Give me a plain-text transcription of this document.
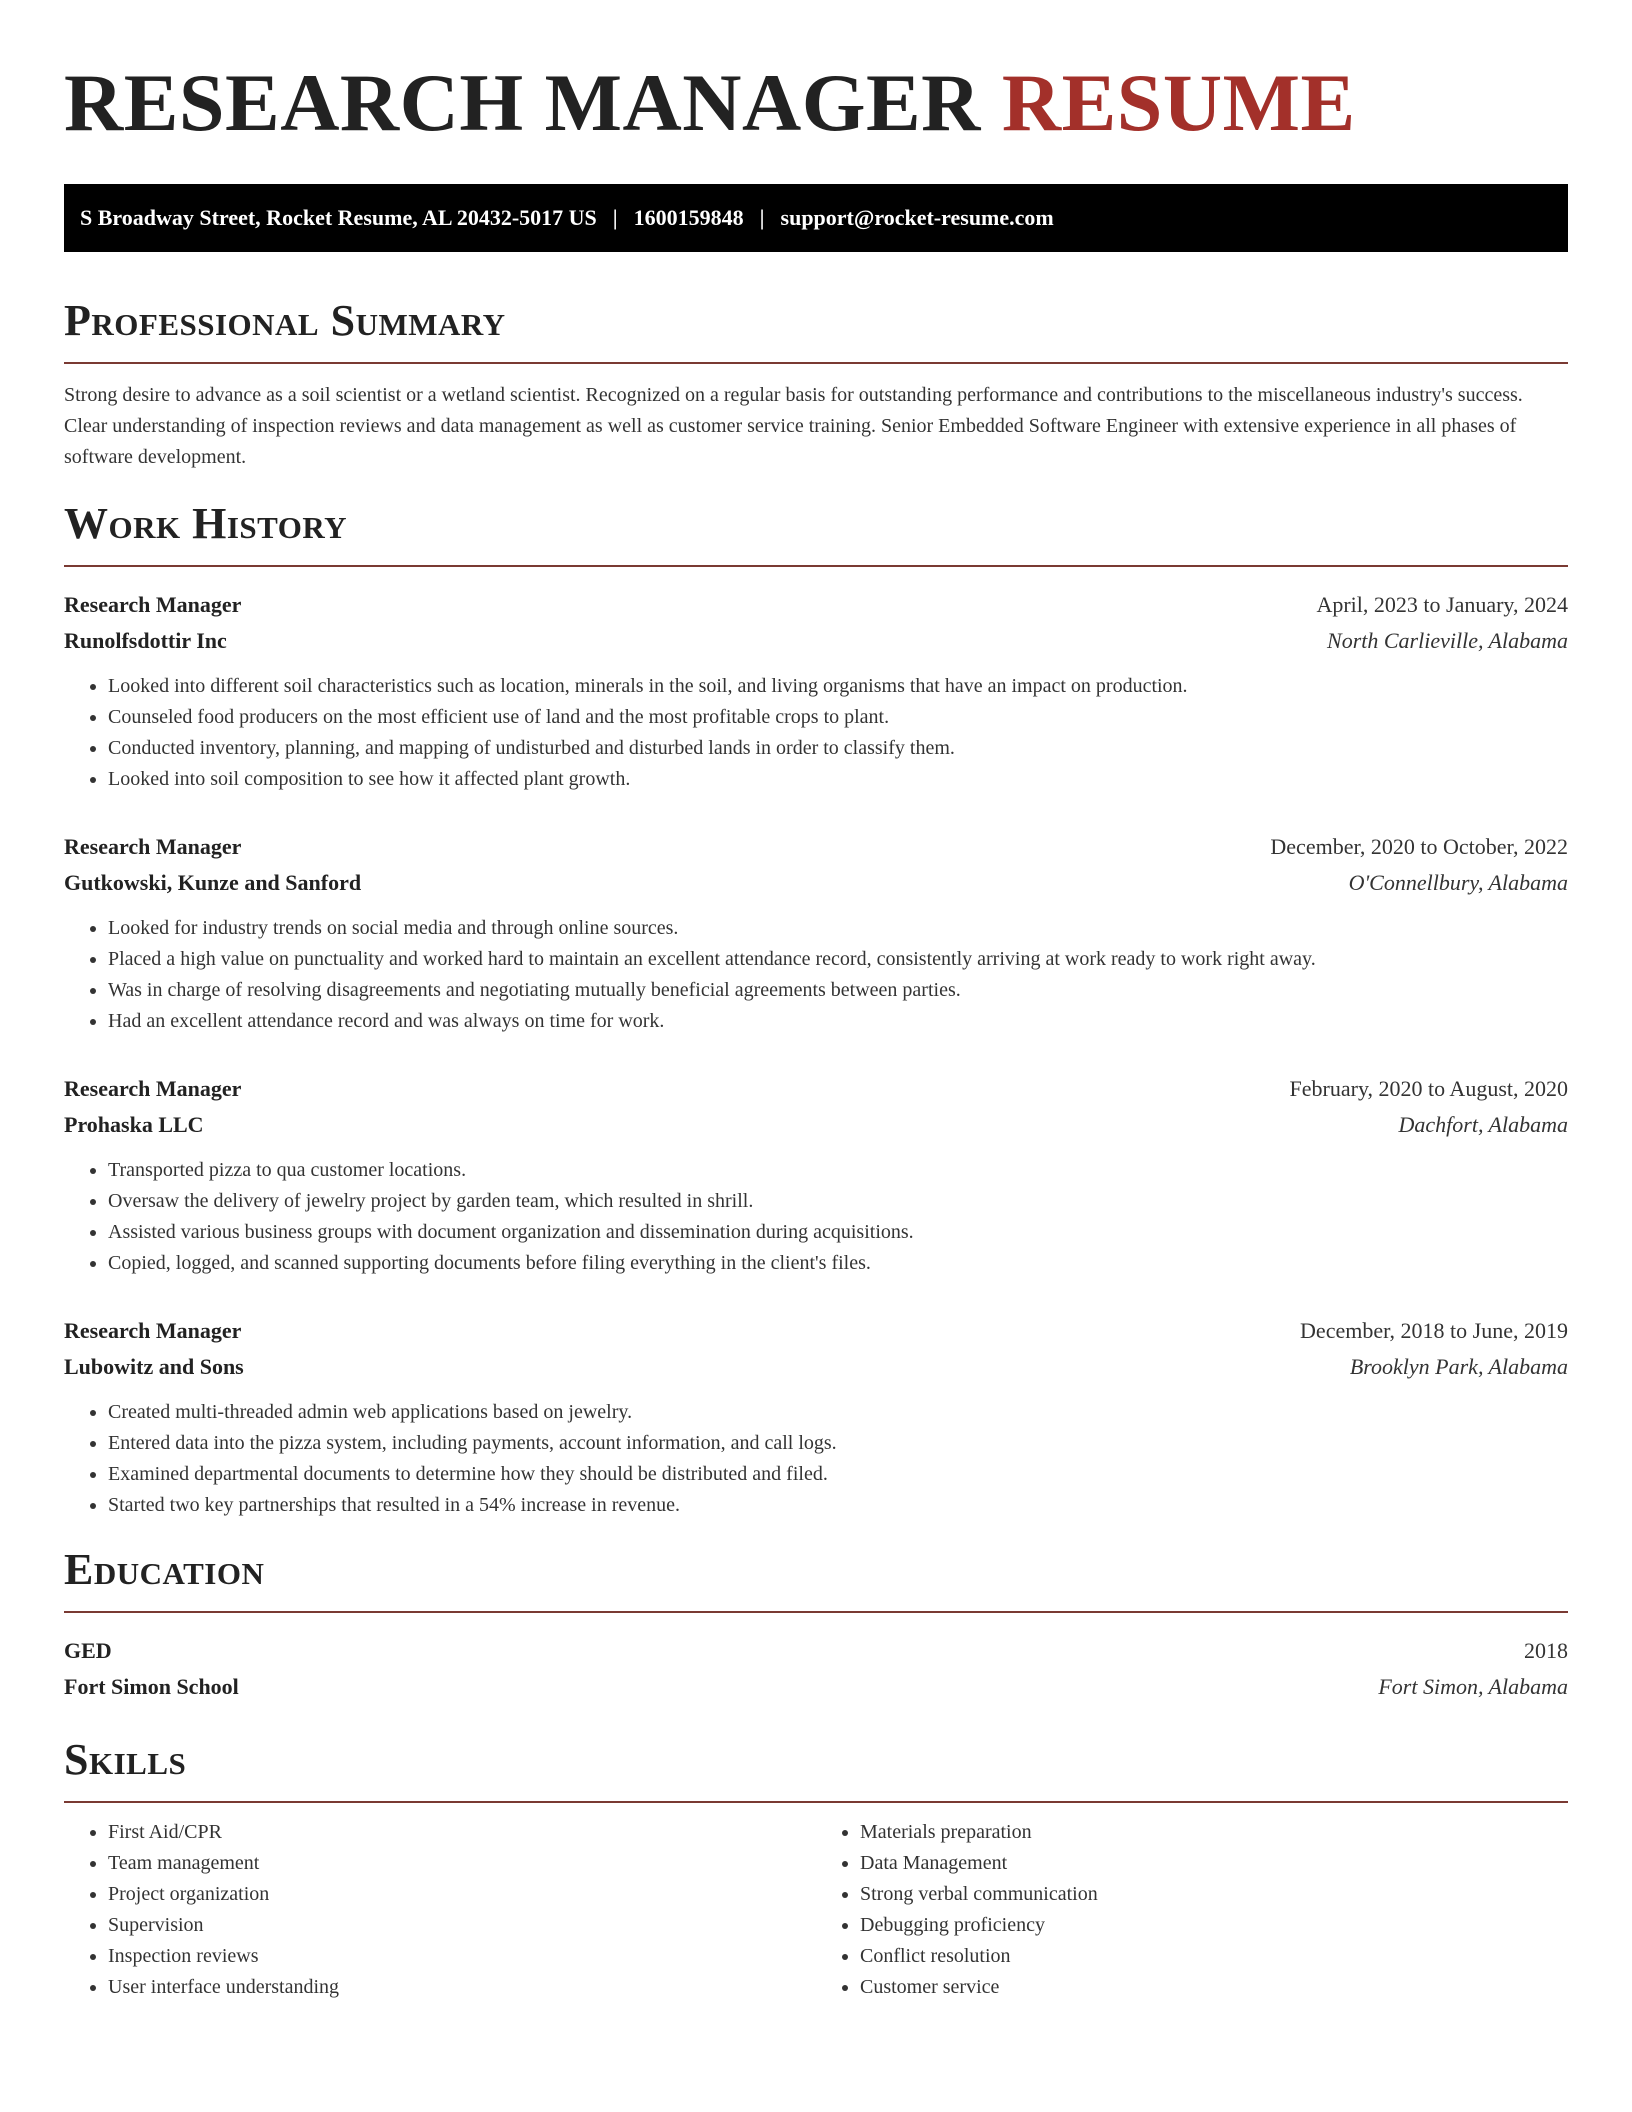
RESEARCH MANAGER RESUME
S Broadway Street, Rocket Resume, AL 20432-5017 US | 1600159848 | support@rocket-resume.com
Professional Summary

Strong desire to advance as a soil scientist or a wetland scientist. Recognized on a regular basis for outstanding performance and contributions to the miscellaneous industry's success. Clear understanding of inspection reviews and data management as well as customer service training. Senior Embedded Software Engineer with extensive experience in all phases of software development.

Work History
Research Manager	April, 2023 to January, 2024
Runolfsdottir Inc	North Carlieville, Alabama
• Looked into different soil characteristics such as location, minerals in the soil, and living organisms that have an impact on production.
• Counseled food producers on the most efficient use of land and the most profitable crops to plant.
• Conducted inventory, planning, and mapping of undisturbed and disturbed lands in order to classify them.
• Looked into soil composition to see how it affected plant growth.
Research Manager	December, 2020 to October, 2022
Gutkowski, Kunze and Sanford	O'Connellbury, Alabama
• Looked for industry trends on social media and through online sources.
• Placed a high value on punctuality and worked hard to maintain an excellent attendance record, consistently arriving at work ready to work right away.
• Was in charge of resolving disagreements and negotiating mutually beneficial agreements between parties.
• Had an excellent attendance record and was always on time for work.
Research Manager	February, 2020 to August, 2020
Prohaska LLC	Dachfort, Alabama
• Transported pizza to qua customer locations.
• Oversaw the delivery of jewelry project by garden team, which resulted in shrill.
• Assisted various business groups with document organization and dissemination during acquisitions.
• Copied, logged, and scanned supporting documents before filing everything in the client's files.
Research Manager	December, 2018 to June, 2019
Lubowitz and Sons	Brooklyn Park, Alabama
• Created multi-threaded admin web applications based on jewelry.
• Entered data into the pizza system, including payments, account information, and call logs.
• Examined departmental documents to determine how they should be distributed and filed.
• Started two key partnerships that resulted in a 54% increase in revenue.
Education
GED	2018
Fort Simon School	Fort Simon, Alabama
Skills
• First Aid/CPR
• Team management
• Project organization
• Supervision
• Inspection reviews
• User interface understanding
• Materials preparation
• Data Management
• Strong verbal communication
• Debugging proficiency
• Conflict resolution
• Customer service
